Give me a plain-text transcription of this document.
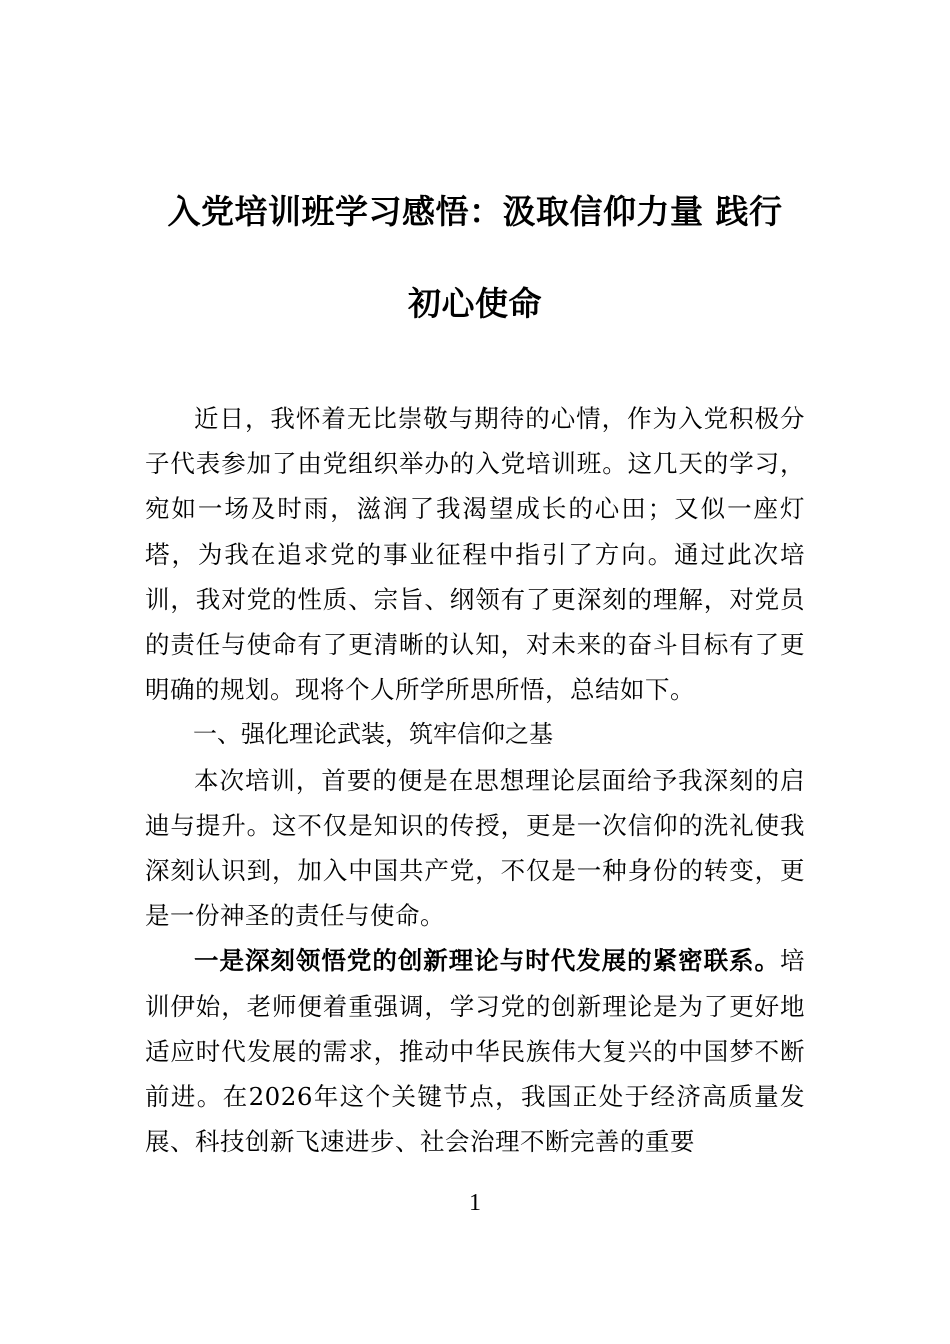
入党培训班学习感悟：汲取信仰力量 践行
初心使命

近日，我怀着无比崇敬与期待的心情，作为入党积极分子代表参加了由党组织举办的入党培训班。这几天的学习，宛如一场及时雨，滋润了我渴望成长的心田；又似一座灯塔，为我在追求党的事业征程中指引了方向。通过此次培训，我对党的性质、宗旨、纲领有了更深刻的理解，对党员的责任与使命有了更清晰的认知，对未来的奋斗目标有了更明确的规划。现将个人所学所思所悟，总结如下。

一、强化理论武装，筑牢信仰之基

本次培训，首要的便是在思想理论层面给予我深刻的启迪与提升。这不仅是知识的传授，更是一次信仰的洗礼使我深刻认识到，加入中国共产党，不仅是一种身份的转变，更是一份神圣的责任与使命。

一是深刻领悟党的创新理论与时代发展的紧密联系。培训伊始，老师便着重强调，学习党的创新理论是为了更好地适应时代发展的需求，推动中华民族伟大复兴的中国梦不断前进。在2026年这个关键节点，我国正处于经济高质量发展、科技创新飞速进步、社会治理不断完善的重要

1
